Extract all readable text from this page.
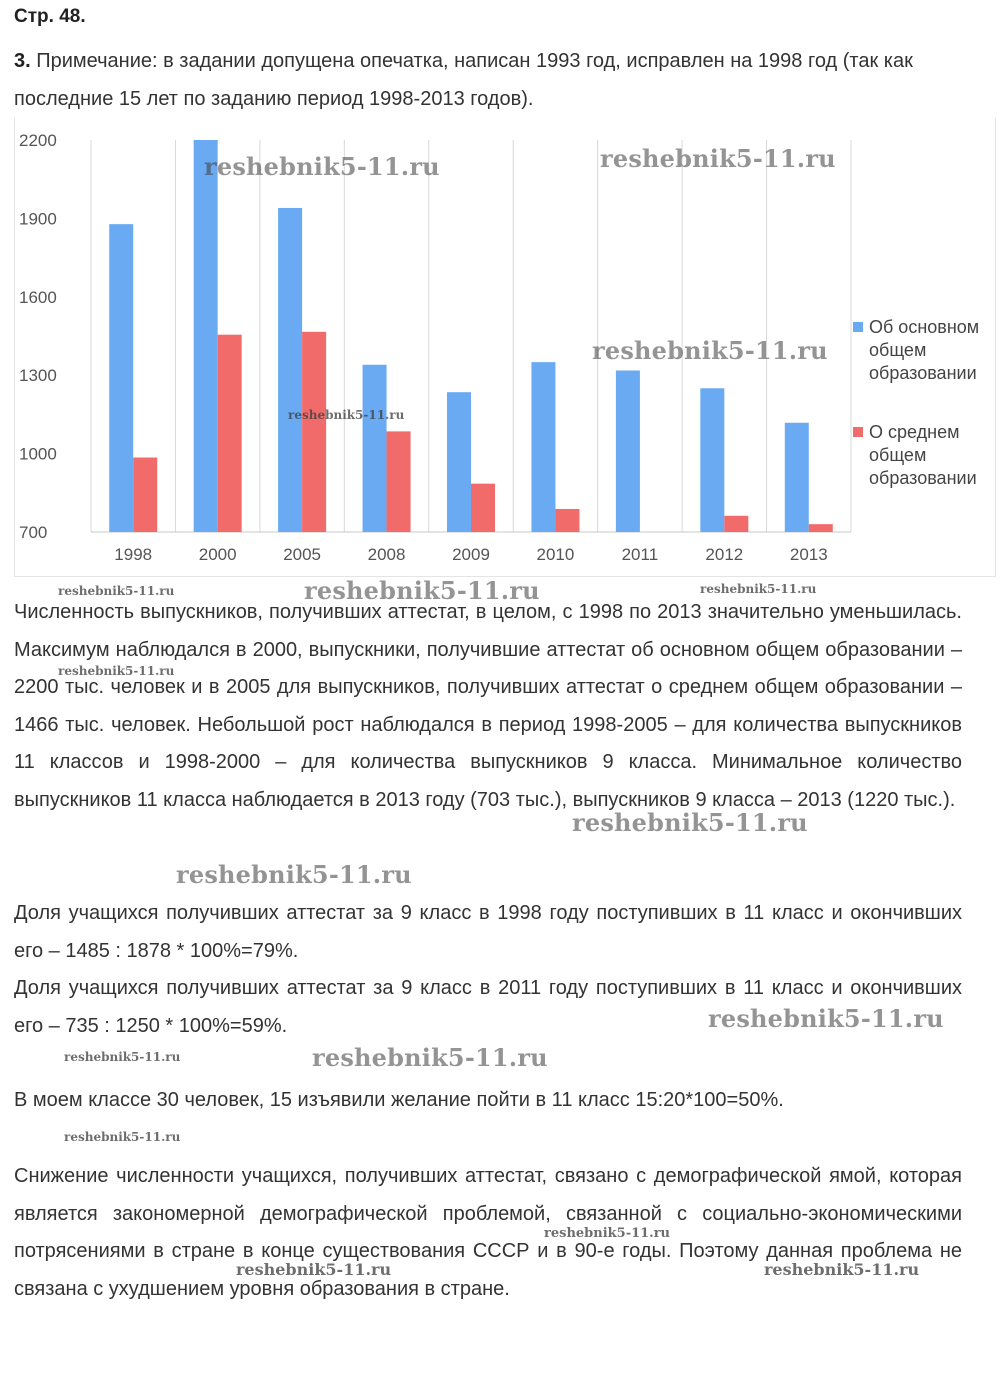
Стр. 48.
3. Примечание: в задании допущена опечатка, написан 1993 год, исправлен на 1998 год (так как последние 15 лет по заданию период 1998-2013 годов).
2200
1900
1600
1300
1000
700
1998	2000	2005	2008	2009	2010	2011	2012	2013
Об основном общем образовании
О среднем общем образовании
Численность выпускников, получивших аттестат, в целом, с 1998 по 2013 значительно уменьшилась. Максимум наблюдался в 2000, выпускники, получившие аттестат об основном общем образовании – 2200 тыс. человек и в 2005 для выпускников, получивших аттестат о среднем общем образовании – 1466 тыс. человек. Небольшой рост наблюдался в период 1998-2005 – для количества выпускников 11 классов и 1998-2000 – для количества выпускников 9 класса. Минимальное количество выпускников 11 класса наблюдается в 2013 году (703 тыс.), выпускников 9 класса – 2013 (1220 тыс.).
Доля учащихся получивших аттестат за 9 класс в 1998 году поступивших в 11 класс и окончивших его – 1485 : 1878 * 100%=79%.
Доля учащихся получивших аттестат за 9 класс в 2011 году поступивших в 11 класс и окончивших его – 735 : 1250 * 100%=59%.
В моем классе 30 человек, 15 изъявили желание пойти в 11 класс 15:20*100=50%.
Снижение численности учащихся, получивших аттестат, связано с демографической ямой, которая является закономерной демографической проблемой, связанной с социально-экономическими потрясениями в стране в конце существования СССР и в 90-е годы. Поэтому данная проблема не связана с ухудшением уровня образования в стране.
reshebnik5-11.ru	reshebnik5-11.ru
reshebnik5-11.ru
reshebnik5-11.ru
reshebnik5-11.ru	reshebnik5-11.ru	reshebnik5-11.ru
reshebnik5-11.ru
reshebnik5-11.ru
reshebnik5-11.ru
reshebnik5-11.ru
reshebnik5-11.ru	reshebnik5-11.ru
reshebnik5-11.ru
reshebnik5-11.ru
reshebnik5-11.ru	reshebnik5-11.ru
